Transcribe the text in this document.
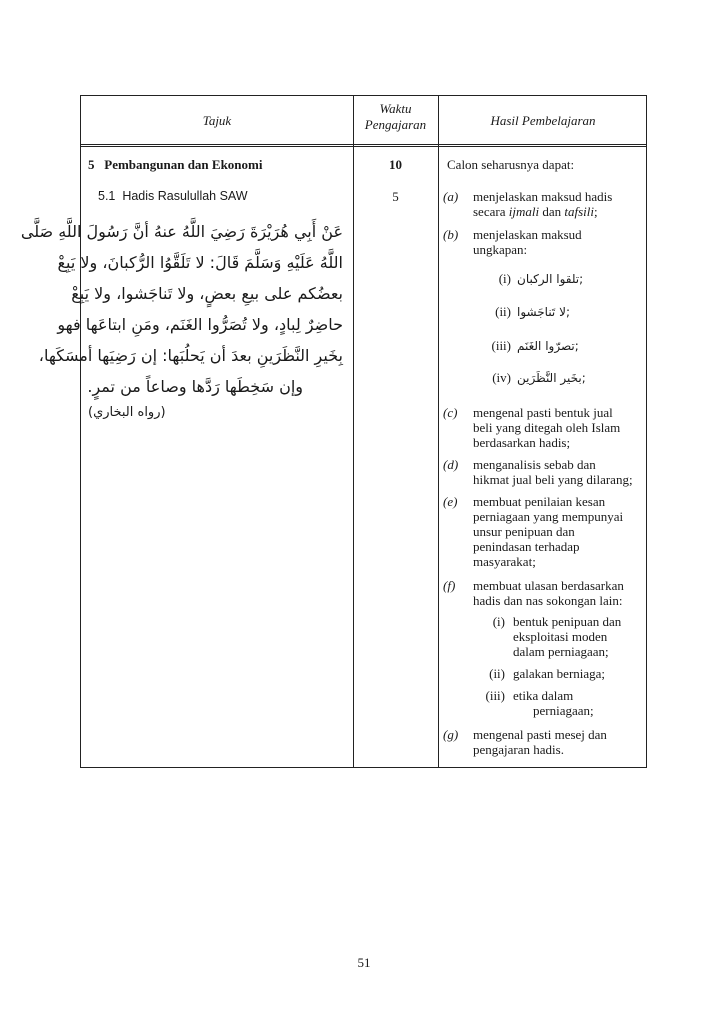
Tajuk
Waktu
Pengajaran	Hasil Pembelajaran
5   Pembangunan dan Ekonomi
5.1  Hadis Rasulullah SAW
10
5
عَنْ أَبِي هُرَيْرَةَ رَضِيَ اللَّهُ عنهُ أنَّ رَسُولَ اللَّهِ صَلَّى
اللَّهُ عَلَيْهِ وَسَلَّمَ قَالَ: لا تَلَقَّوُا الرُّكبانَ، ولا يَبِعْ
بعضُكم على بيعِ بعضٍ، ولا تَناجَشوا، ولا يَبِعْ
حاضِرٌ لِبادٍ، ولا تُصَرُّوا الغَنَم، ومَنِ ابتاعَها فهو
بِخَيرِ النَّظَرَينِ بعدَ أن يَحلُبَها: إن رَضِيَها أمسَكَها،
وإن سَخِطَها رَدَّها وصاعاً من تمرٍ.
(رواه البخاري)
Calon seharusnya dapat:
(a) menjelaskan maksud hadis
secara ijmali dan tafsili;
(b) menjelaskan maksud
ungkapan:
(i) تلقوا الركبان;
(ii) لا تَناجَشوا;
(iii) تصرّوا الغَنَم;
(iv) بخَير النَّظَرَين;
(c) mengenal pasti bentuk jual
beli yang ditegah oleh Islam
berdasarkan hadis;
(d) menganalisis sebab dan
hikmat jual beli yang dilarang;
(e) membuat penilaian kesan
perniagaan yang mempunyai
unsur penipuan dan
penindasan terhadap
masyarakat;
(f) membuat ulasan berdasarkan
hadis dan nas sokongan lain:
(i) bentuk penipuan dan
eksploitasi moden
dalam perniagaan;
(ii) galakan berniaga;
(iii) etika dalam
perniagaan;
(g) mengenal pasti mesej dan
pengajaran hadis.
51
